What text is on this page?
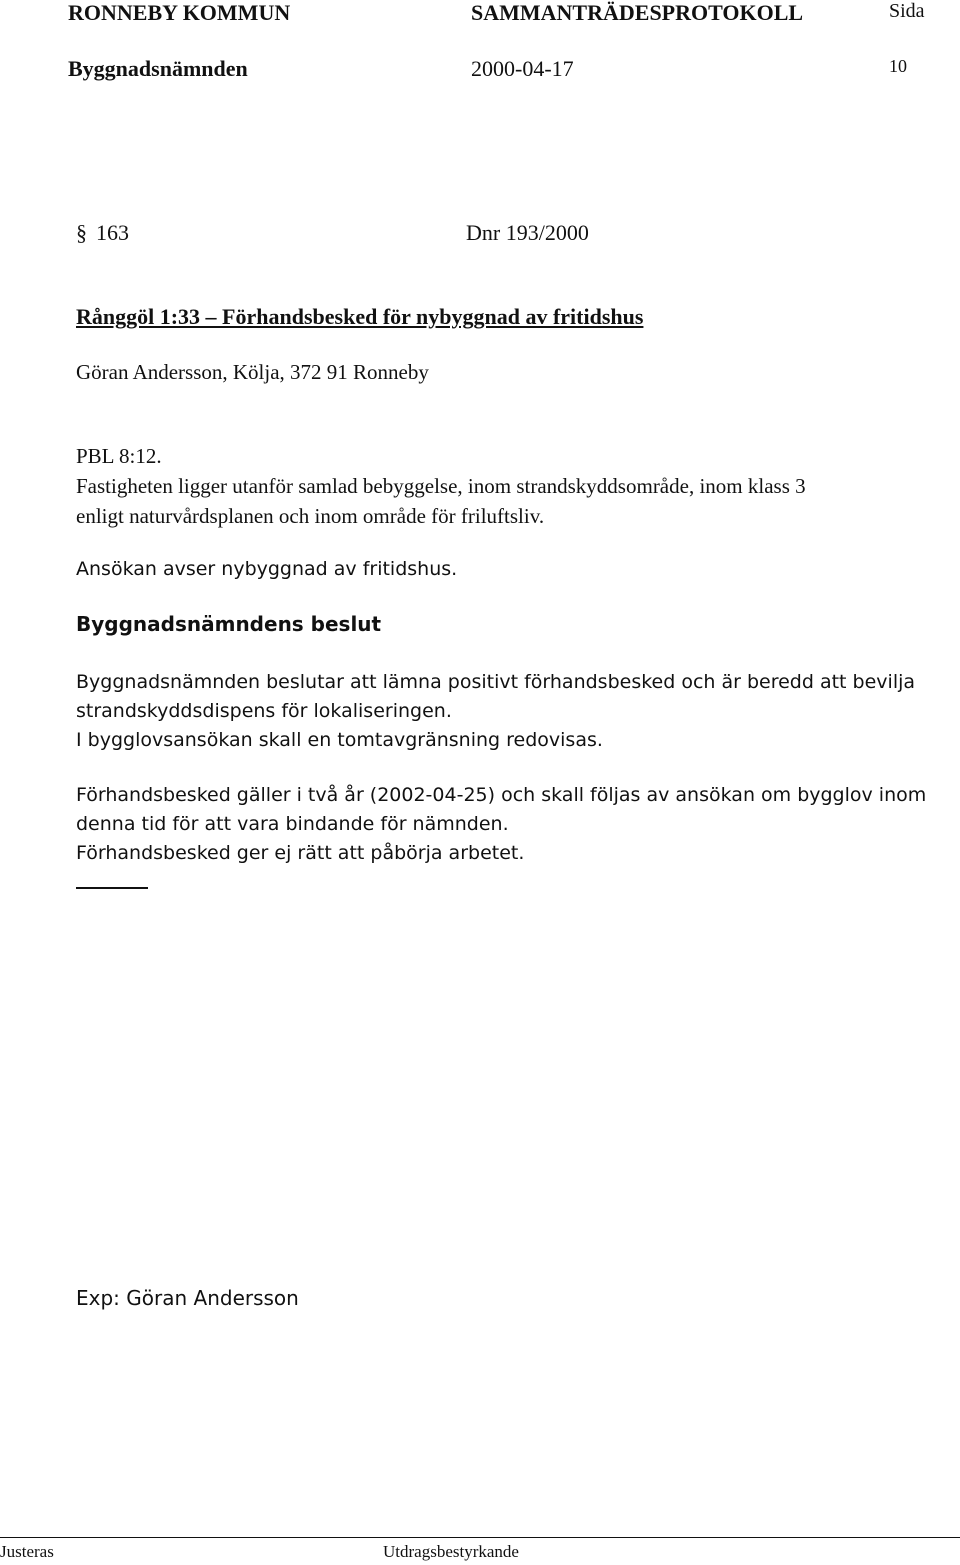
RONNEBY KOMMUN	SAMMANTRÄDESPROTOKOLL	Sida
Byggnadsnämnden	2000-04-17	10
§ 163	Dnr 193/2000
Rånggöl 1:33 – Förhandsbesked för nybyggnad av fritidshus
Göran Andersson, Kölja, 372 91 Ronneby
PBL 8:12.
Fastigheten ligger utanför samlad bebyggelse, inom strandskyddsområde, inom klass 3
enligt naturvårdsplanen och inom område för friluftsliv.
Ansökan avser nybyggnad av fritidshus.
Byggnadsnämndens beslut
Byggnadsnämnden beslutar att lämna positivt förhandsbesked och är beredd att bevilja
strandskyddsdispens för lokaliseringen.
I bygglovsansökan skall en tomtavgränsning redovisas.
Förhandsbesked gäller i två år (2002-04-25) och skall följas av ansökan om bygglov inom
denna tid för att vara bindande för nämnden.
Förhandsbesked ger ej rätt att påbörja arbetet.
Exp: Göran Andersson
Justeras	Utdragsbestyrkande
